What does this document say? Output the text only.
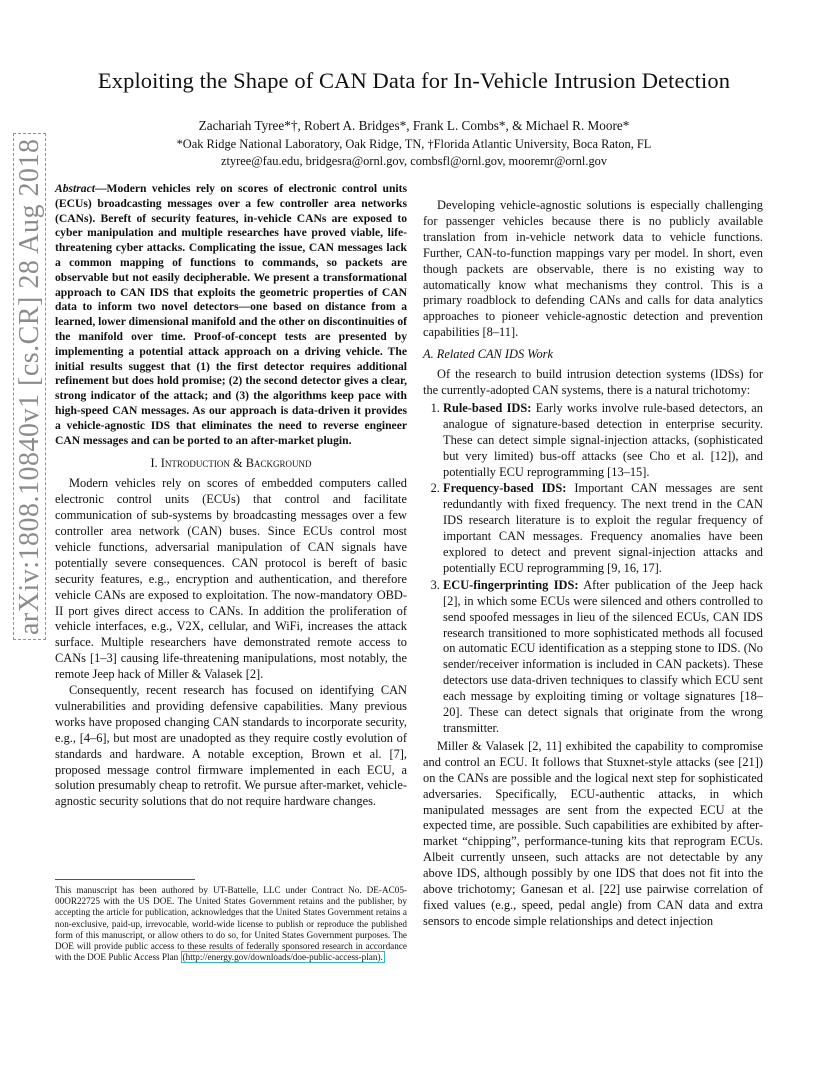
arXiv:1808.10840v1 [cs.CR] 28 Aug 2018
Exploiting the Shape of CAN Data for In-Vehicle Intrusion Detection
Zachariah Tyree*†, Robert A. Bridges*, Frank L. Combs*, & Michael R. Moore*
*Oak Ridge National Laboratory, Oak Ridge, TN, †Florida Atlantic University, Boca Raton, FL
ztyree@fau.edu, bridgesra@ornl.gov, combsfl@ornl.gov, mooremr@ornl.gov

Abstract—Modern vehicles rely on scores of electronic control units (ECUs) broadcasting messages over a few controller area networks (CANs). Bereft of security features, in-vehicle CANs are exposed to cyber manipulation and multiple researches have proved viable, life-threatening cyber attacks. Complicating the issue, CAN messages lack a common mapping of functions to commands, so packets are observable but not easily decipherable. We present a transformational approach to CAN IDS that exploits the geometric properties of CAN data to inform two novel detectors—one based on distance from a learned, lower dimensional manifold and the other on discontinuities of the manifold over time. Proof-of-concept tests are presented by implementing a potential attack approach on a driving vehicle. The initial results suggest that (1) the first detector requires additional refinement but does hold promise; (2) the second detector gives a clear, strong indicator of the attack; and (3) the algorithms keep pace with high-speed CAN messages. As our approach is data-driven it provides a vehicle-agnostic IDS that eliminates the need to reverse engineer CAN messages and can be ported to an after-market plugin.

I. Introduction & Background

Modern vehicles rely on scores of embedded computers called electronic control units (ECUs) that control and facilitate communication of sub-systems by broadcasting messages over a few controller area network (CAN) buses. Since ECUs control most vehicle functions, adversarial manipulation of CAN signals have potentially severe consequences. CAN protocol is bereft of basic security features, e.g., encryption and authentication, and therefore vehicle CANs are exposed to exploitation. The now-mandatory OBD-II port gives direct access to CANs. In addition the proliferation of vehicle interfaces, e.g., V2X, cellular, and WiFi, increases the attack surface. Multiple researchers have demonstrated remote access to CANs [1–3] causing life-threatening manipulations, most notably, the remote Jeep hack of Miller & Valasek [2].

Consequently, recent research has focused on identifying CAN vulnerabilities and providing defensive capabilities. Many previous works have proposed changing CAN standards to incorporate security, e.g., [4–6], but most are unadopted as they require costly evolution of standards and hardware. A notable exception, Brown et al. [7], proposed message control firmware implemented in each ECU, a solution presumably cheap to retrofit. We pursue after-market, vehicle-agnostic security solutions that do not require hardware changes.

This manuscript has been authored by UT-Battelle, LLC under Contract No. DE-AC05-00OR22725 with the US DOE. The United States Government retains and the publisher, by accepting the article for publication, acknowledges that the United States Government retains a non-exclusive, paid-up, irrevocable, world-wide license to publish or reproduce the published form of this manuscript, or allow others to do so, for United States Government purposes. The DOE will provide public access to these results of federally sponsored research in accordance with the DOE Public Access Plan (http://energy.gov/downloads/doe-public-access-plan).

Developing vehicle-agnostic solutions is especially challenging for passenger vehicles because there is no publicly available translation from in-vehicle network data to vehicle functions. Further, CAN-to-function mappings vary per model. In short, even though packets are observable, there is no existing way to automatically know what mechanisms they control. This is a primary roadblock to defending CANs and calls for data analytics approaches to pioneer vehicle-agnostic detection and prevention capabilities [8–11].

A. Related CAN IDS Work

Of the research to build intrusion detection systems (IDSs) for the currently-adopted CAN systems, there is a natural trichotomy:

1. Rule-based IDS: Early works involve rule-based detectors, an analogue of signature-based detection in enterprise security. These can detect simple signal-injection attacks, (sophisticated but very limited) bus-off attacks (see Cho et al. [12]), and potentially ECU reprogramming [13–15].
2. Frequency-based IDS: Important CAN messages are sent redundantly with fixed frequency. The next trend in the CAN IDS research literature is to exploit the regular frequency of important CAN messages. Frequency anomalies have been explored to detect and prevent signal-injection attacks and potentially ECU reprogramming [9, 16, 17].
3. ECU-fingerprinting IDS: After publication of the Jeep hack [2], in which some ECUs were silenced and others controlled to send spoofed messages in lieu of the silenced ECUs, CAN IDS research transitioned to more sophisticated methods all focused on automatic ECU identification as a stepping stone to IDS. (No sender/receiver information is included in CAN packets). These detectors use data-driven techniques to classify which ECU sent each message by exploiting timing or voltage signatures [18–20]. These can detect signals that originate from the wrong transmitter.

Miller & Valasek [2, 11] exhibited the capability to compromise and control an ECU. It follows that Stuxnet-style attacks (see [21]) on the CANs are possible and the logical next step for sophisticated adversaries. Specifically, ECU-authentic attacks, in which manipulated messages are sent from the expected ECU at the expected time, are possible. Such capabilities are exhibited by after-market “chipping”, performance-tuning kits that reprogram ECUs. Albeit currently unseen, such attacks are not detectable by any above IDS, although possibly by one IDS that does not fit into the above trichotomy; Ganesan et al. [22] use pairwise correlation of fixed values (e.g., speed, pedal angle) from CAN data and extra sensors to encode simple relationships and detect injection
